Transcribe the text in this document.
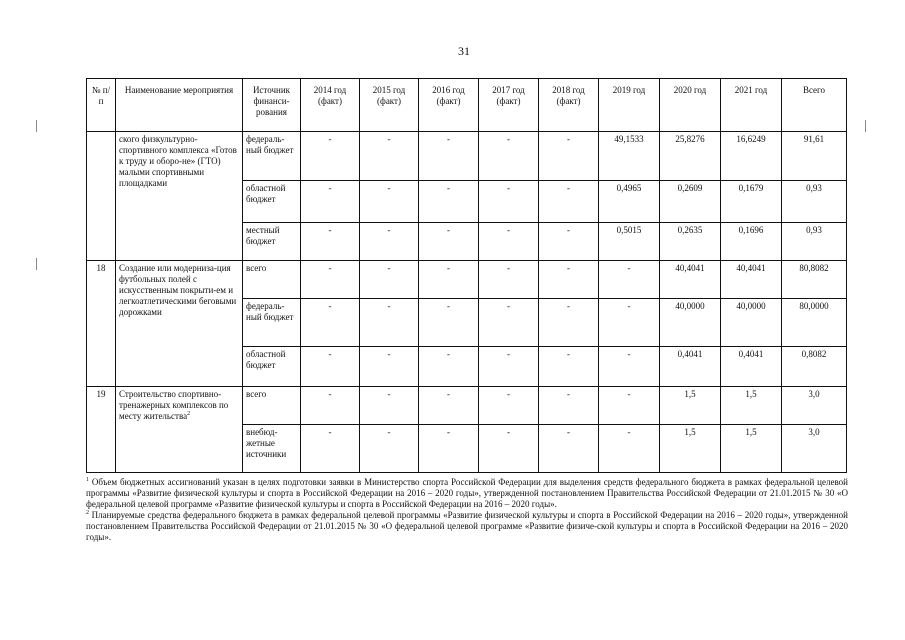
31
№ п/п	Наименование мероприятия	Источник финанси-рования	2014 год (факт)	2015 год (факт)	2016 год (факт)	2017 год (факт)	2018 год (факт)	2019 год	2020 год	2021 год	Всего
	ского физкультурно-спортивного комплекса «Готов к труду и оборо-не» (ГТО) малыми спортивными площадками	федераль-ный бюджет	-	-	-	-	-	49,1533	25,8276	16,6249	91,61
		областной бюджет	-	-	-	-	-	0,4965	0,2609	0,1679	0,93
		местный бюджет	-	-	-	-	-	0,5015	0,2635	0,1696	0,93
18	Создание или модерниза-ция футбольных полей с искусственным покрыти-ем и легкоатлетическими беговыми дорожками	всего	-	-	-	-	-	-	40,4041	40,4041	80,8082
		федераль-ный бюджет	-	-	-	-	-	-	40,0000	40,0000	80,0000
		областной бюджет	-	-	-	-	-	-	0,4041	0,4041	0,8082
19	Строительство спортивно-тренажерных комплексов по месту жительства$^2$	всего	-	-	-	-	-	-	1,5	1,5	3,0
		внебюд-жетные источники	-	-	-	-	-	-	1,5	1,5	3,0

$^1$ Объем бюджетных ассигнований указан в целях подготовки заявки в Министерство спорта Российской Федерации для выделения средств федерального бюджета в рамках федеральной целевой программы «Развитие физической культуры и спорта в Российской Федерации на 2016 – 2020 годы», утвержденной постановлением Правительства Российской Федерации от 21.01.2015 № 30 «О федеральной целевой программе «Развитие физической культуры и спорта в Российской Федерации на 2016 – 2020 годы».

$^2$ Планируемые средства федерального бюджета в рамках федеральной целевой программы «Развитие физической культуры и спорта в Российской Федерации на 2016 – 2020 годы», утвержденной постановлением Правительства Российской Федерации от 21.01.2015 № 30 «О федеральной целевой программе «Развитие физиче-ской культуры и спорта в Российской Федерации на 2016 – 2020 годы».
